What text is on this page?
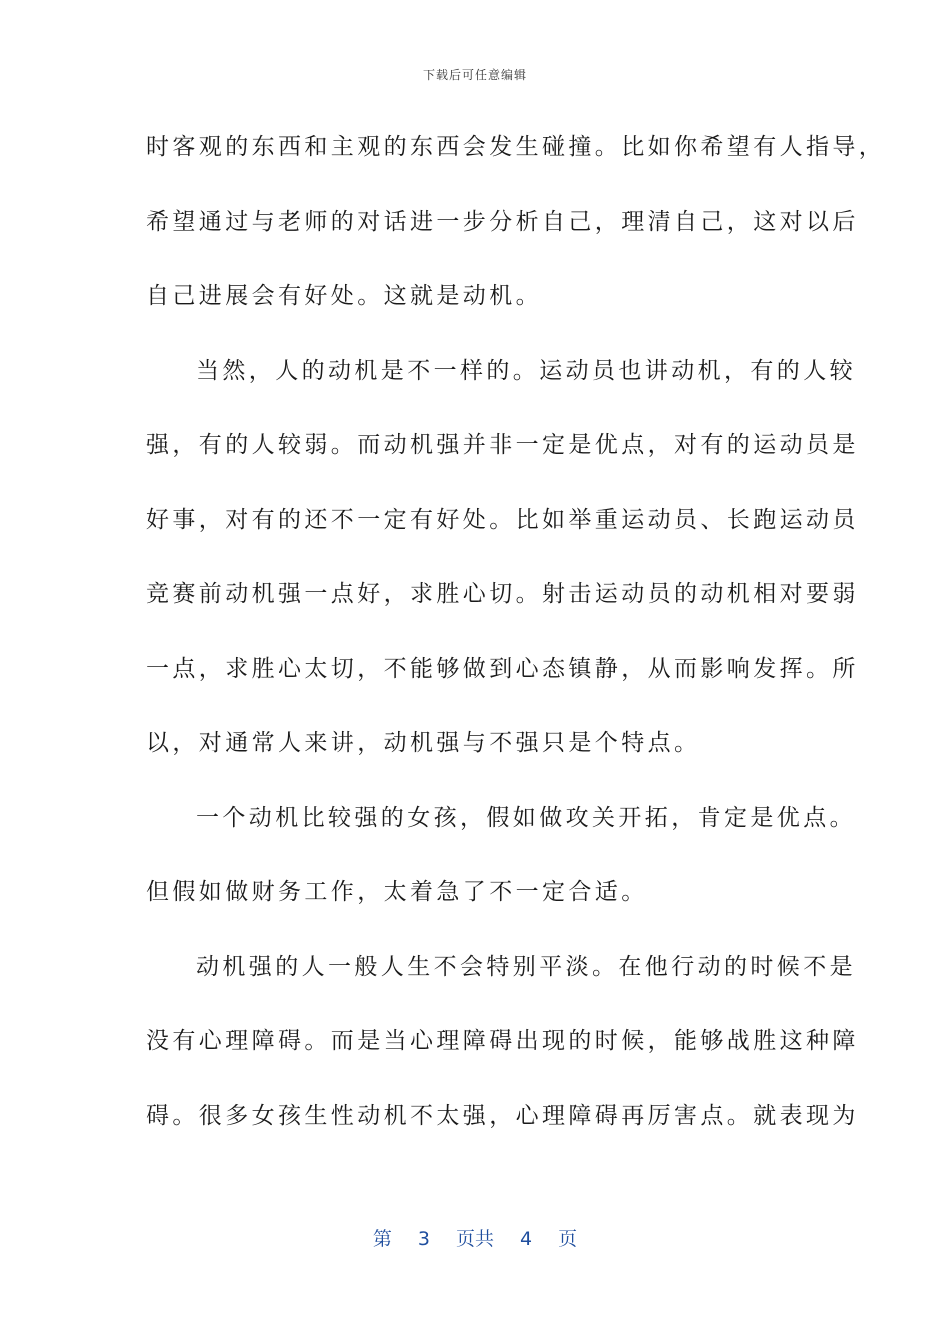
下载后可任意编辑
时客观的东西和主观的东西会发生碰撞。比如你希望有人指导，
希望通过与老师的对话进一步分析自己，理清自己，这对以后
自己进展会有好处。这就是动机。
当然，人的动机是不一样的。运动员也讲动机，有的人较
强，有的人较弱。而动机强并非一定是优点，对有的运动员是
好事，对有的还不一定有好处。比如举重运动员、长跑运动员
竞赛前动机强一点好，求胜心切。射击运动员的动机相对要弱
一点，求胜心太切，不能够做到心态镇静，从而影响发挥。所
以，对通常人来讲，动机强与不强只是个特点。
一个动机比较强的女孩，假如做攻关开拓，肯定是优点。
但假如做财务工作，太着急了不一定合适。
动机强的人一般人生不会特别平淡。在他行动的时候不是
没有心理障碍。而是当心理障碍出现的时候，能够战胜这种障
碍。很多女孩生性动机不太强，心理障碍再厉害点。就表现为
第 3 页共 4 页
